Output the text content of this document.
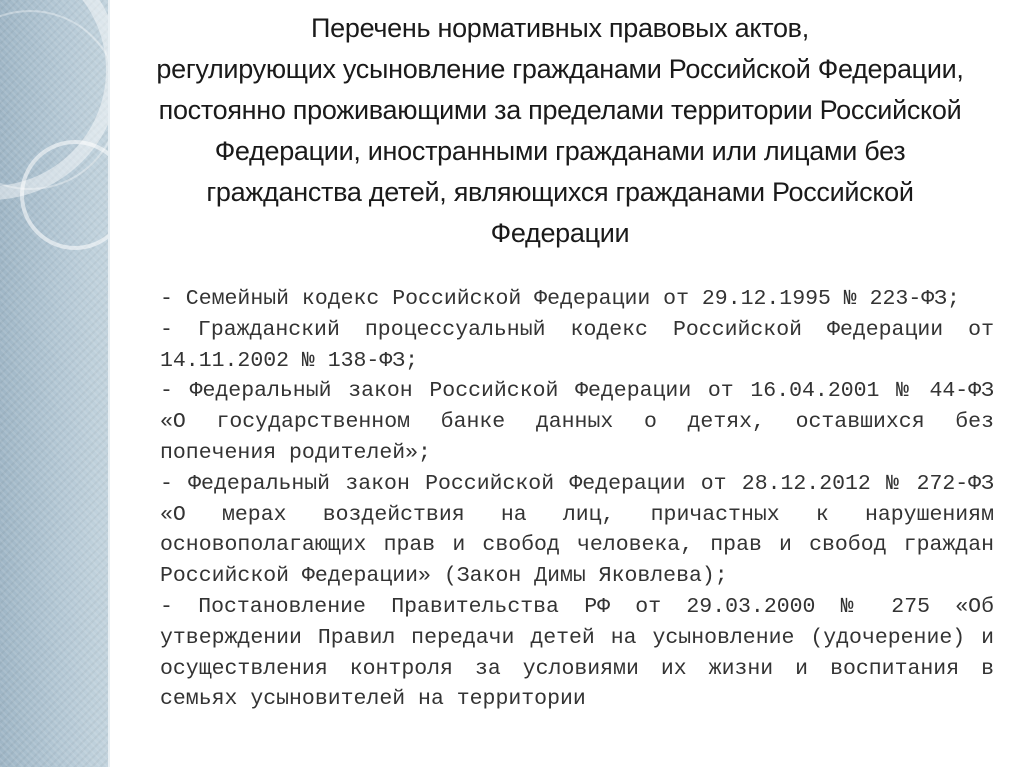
Перечень нормативных правовых актов,
регулирующих усыновление гражданами Российской Федерации,
постоянно проживающими за пределами территории Российской
Федерации, иностранными гражданами или лицами без
гражданства детей, являющихся гражданами Российской
Федерации

- Семейный кодекс Российской Федерации от 29.12.1995 № 223-ФЗ;

- Гражданский процессуальный кодекс Российской Федерации от 14.11.2002 № 138-ФЗ;

- Федеральный закон Российской Федерации от 16.04.2001 № 44-ФЗ «О государственном банке данных о детях, оставшихся без попечения родителей»;

- Федеральный закон Российской Федерации от 28.12.2012 № 272-ФЗ «О мерах воздействия на лиц, причастных к нарушениям основополагающих прав и свобод человека, прав и свобод граждан Российской Федерации» (Закон Димы Яковлева);

- Постановление Правительства РФ от 29.03.2000 № 275 «Об утверждении Правил передачи детей на усыновление (удочерение) и осуществления контроля за условиями их жизни и воспитания в семьях усыновителей на территории
